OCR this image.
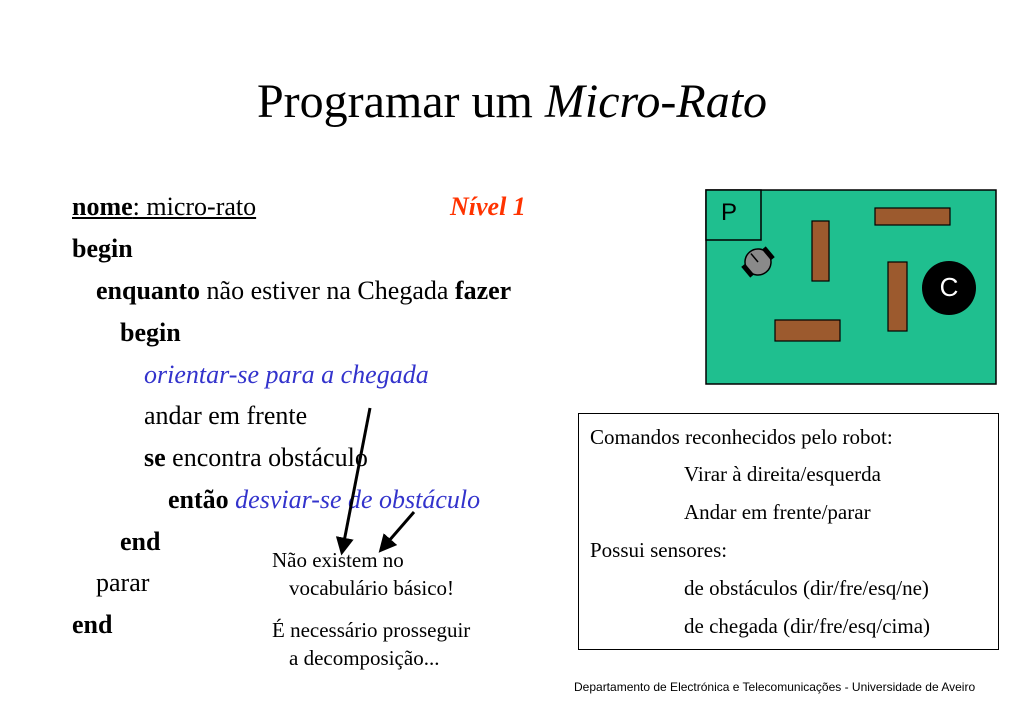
Programar um Micro-Rato
nome: micro-rato	Nível 1
begin
enquanto não estiver na Chegada fazer
begin
orientar-se para a chegada
andar em frente
se encontra obstáculo
então desviar-se de obstáculo
end
parar
end
Não existem no
vocabulário básico!
É necessário prosseguir
a decomposição...
P
C
Comandos reconhecidos pelo robot:
Virar à direita/esquerda
Andar em frente/parar
Possui sensores:
de obstáculos (dir/fre/esq/ne)
de chegada (dir/fre/esq/cima)
Departamento de Electrónica e Telecomunicações - Universidade de Aveiro
